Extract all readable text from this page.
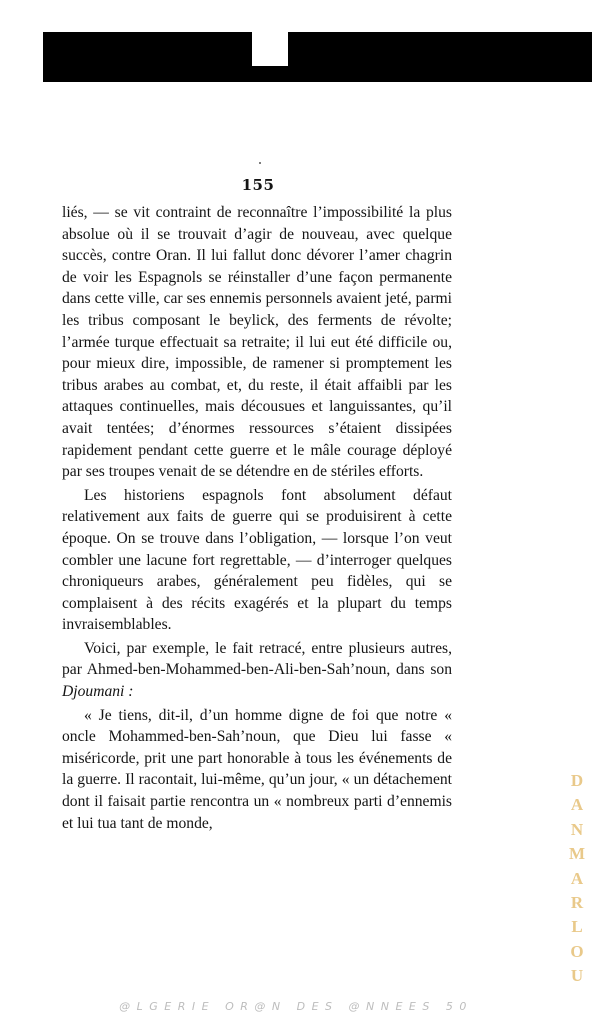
155

liés, — se vit contraint de reconnaître l’impossibilité la plus absolue où il se trouvait d’agir de nouveau, avec quelque succès, contre Oran. Il lui fallut donc dévorer l’amer chagrin de voir les Espagnols se réinstaller d’une façon permanente dans cette ville, car ses ennemis personnels avaient jeté, parmi les tribus composant le beylick, des ferments de révolte; l’armée turque effectuait sa retraite; il lui eut été difficile ou, pour mieux dire, impossible, de ramener si promptement les tribus arabes au combat, et, du reste, il était affaibli par les attaques continuelles, mais décousues et languissantes, qu’il avait tentées; d’énormes ressources s’étaient dissipées rapidement pendant cette guerre et le mâle courage déployé par ses troupes venait de se détendre en de stériles efforts.

Les historiens espagnols font absolument défaut relativement aux faits de guerre qui se produisirent à cette époque. On se trouve dans l’obligation, — lorsque l’on veut combler une lacune fort regrettable, — d’interroger quelques chroniqueurs arabes, généralement peu fidèles, qui se complaisent à des récits exagérés et la plupart du temps invraisemblables.

Voici, par exemple, le fait retracé, entre plusieurs autres, par Ahmed-ben-Mohammed-ben-Ali-ben-Sah’noun, dans son Djoumani :

« Je tiens, dit-il, d’un homme digne de foi que notre « oncle Mohammed-ben-Sah’noun, que Dieu lui fasse « miséricorde, prit une part honorable à tous les événements de la guerre. Il racontait, lui-même, qu’un jour, « un détachement dont il faisait partie rencontra un « nombreux parti d’ennemis et lui tua tant de monde,

D
A
N
M
A
R
L
O
U
@LGERIE OR@N DES @NNEES 50
